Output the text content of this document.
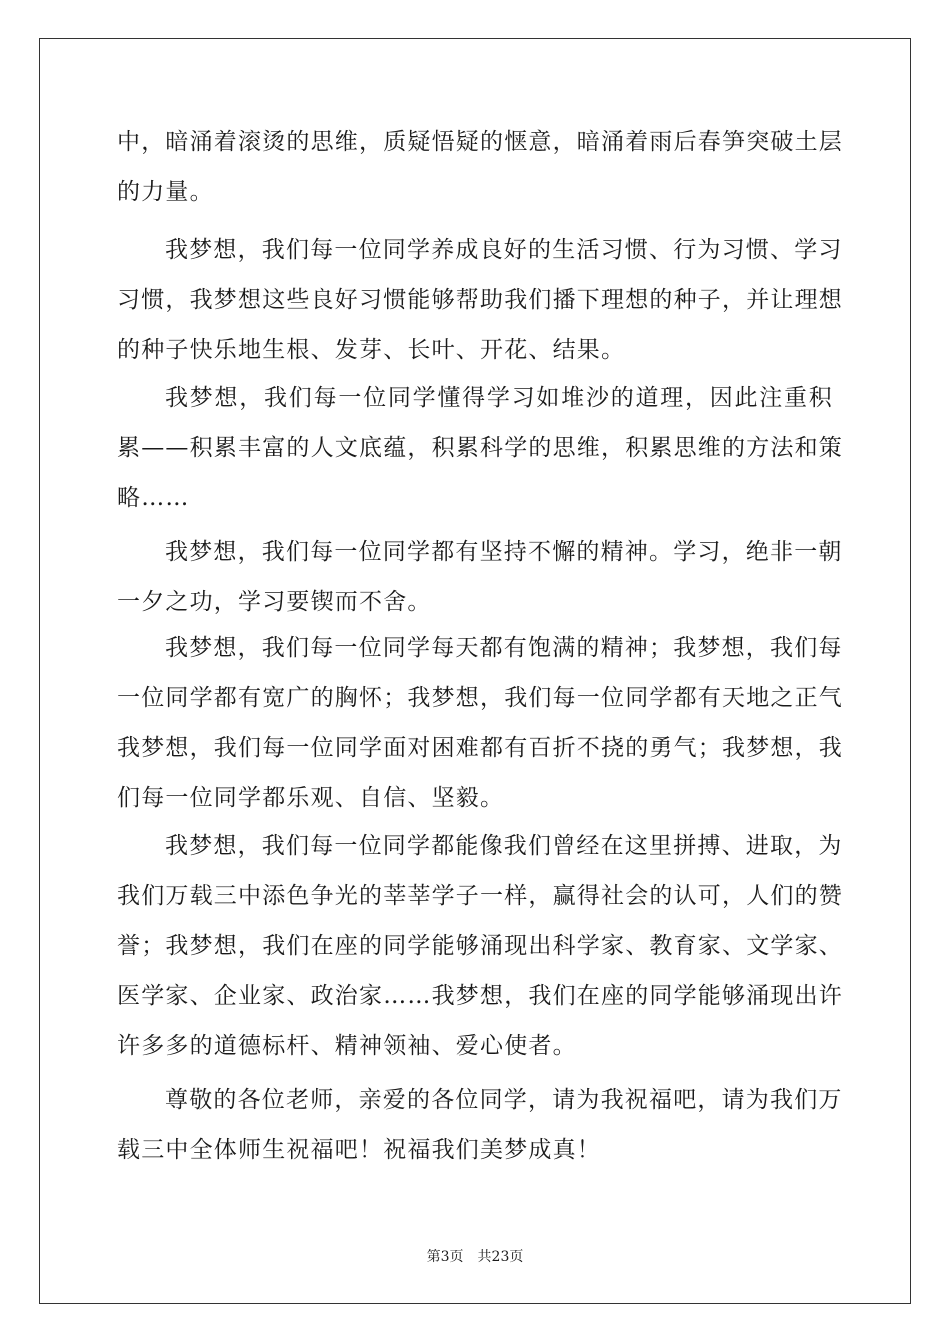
中，暗涌着滚烫的思维，质疑悟疑的惬意，暗涌着雨后春笋突破土层
的力量。
我梦想，我们每一位同学养成良好的生活习惯、行为习惯、学习
习惯，我梦想这些良好习惯能够帮助我们播下理想的种子，并让理想
的种子快乐地生根、发芽、长叶、开花、结果。
我梦想，我们每一位同学懂得学习如堆沙的道理，因此注重积
累——积累丰富的人文底蕴，积累科学的思维，积累思维的方法和策
略……
我梦想，我们每一位同学都有坚持不懈的精神。学习，绝非一朝
一夕之功，学习要锲而不舍。
我梦想，我们每一位同学每天都有饱满的精神；我梦想，我们每
一位同学都有宽广的胸怀；我梦想，我们每一位同学都有天地之正气
我梦想，我们每一位同学面对困难都有百折不挠的勇气；我梦想，我
们每一位同学都乐观、自信、坚毅。
我梦想，我们每一位同学都能像我们曾经在这里拼搏、进取，为
我们万载三中添色争光的莘莘学子一样，赢得社会的认可，人们的赞
誉；我梦想，我们在座的同学能够涌现出科学家、教育家、文学家、
医学家、企业家、政治家……我梦想，我们在座的同学能够涌现出许
许多多的道德标杆、精神领袖、爱心使者。
尊敬的各位老师，亲爱的各位同学，请为我祝福吧，请为我们万
载三中全体师生祝福吧！祝福我们美梦成真！
第3页 共23页
